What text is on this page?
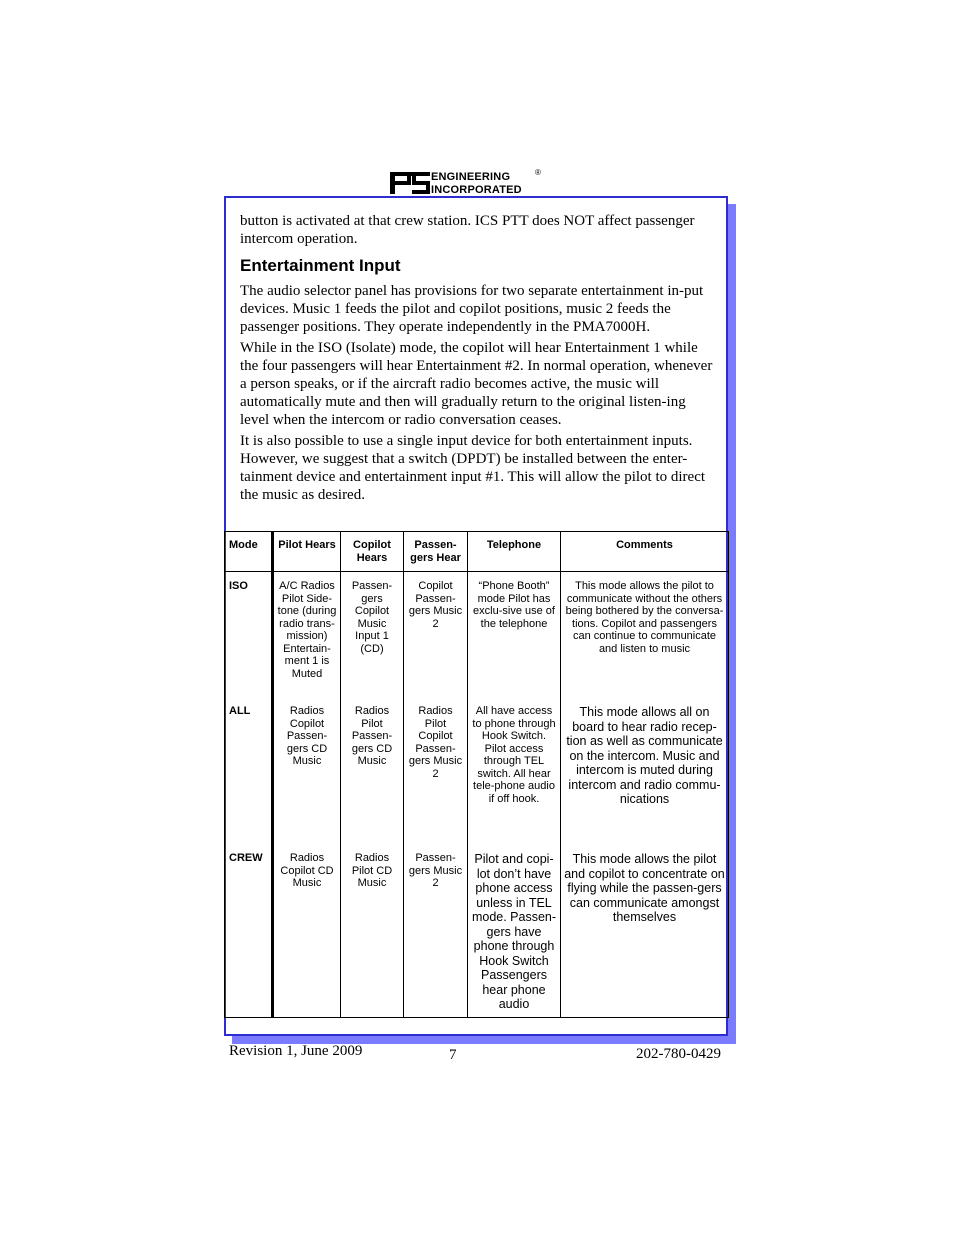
ENGINEERING
INCORPORATED
®

button is activated at that crew station. ICS PTT does NOT affect passenger intercom operation.

Entertainment Input

The audio selector panel has provisions for two separate entertainment in-put devices. Music 1 feeds the pilot and copilot positions, music 2 feeds the passenger positions. They operate independently in the PMA7000H.

While in the ISO (Isolate) mode, the copilot will hear Entertainment 1 while the four passengers will hear Entertainment #2. In normal operation, whenever a person speaks, or if the aircraft radio becomes active, the music will automatically mute and then will gradually return to the original listen-ing level when the intercom or radio conversation ceases.

It is also possible to use a single input device for both entertainment inputs. However, we suggest that a switch (DPDT) be installed between the enter-tainment device and entertainment input #1. This will allow the pilot to direct the music as desired.

Mode	Pilot Hears	Copilot Hears	Passen-gers Hear	Telephone	Comments
ISO	A/C Radios Pilot Side-tone (during radio trans-mission) Entertain-ment 1 is Muted	Passen-gers Copilot Music Input 1 (CD)	Copilot Passen-gers Music 2	“Phone Booth” mode Pilot has exclu-sive use of the telephone	This mode allows the pilot to communicate without the others being bothered by the conversa-tions. Copilot and passengers can continue to communicate and listen to music
ALL	Radios Copilot Passen-gers CD Music	Radios Pilot Passen-gers CD Music	Radios Pilot Copilot Passen-gers Music 2	All have access to phone through Hook Switch. Pilot access through TEL switch. All hear tele-phone audio if off hook.	This mode allows all on board to hear radio recep-tion as well as communicate on the intercom. Music and intercom is muted during intercom and radio commu-nications
CREW	Radios Copilot CD Music	Radios Pilot CD Music	Passen-gers Music 2	Pilot and copi-lot don’t have phone access unless in TEL mode. Passen-gers have phone through Hook Switch Passengers hear phone audio	This mode allows the pilot and copilot to concentrate on flying while the passen-gers can communicate amongst themselves
Revision 1, June 2009	7	202-780-0429
